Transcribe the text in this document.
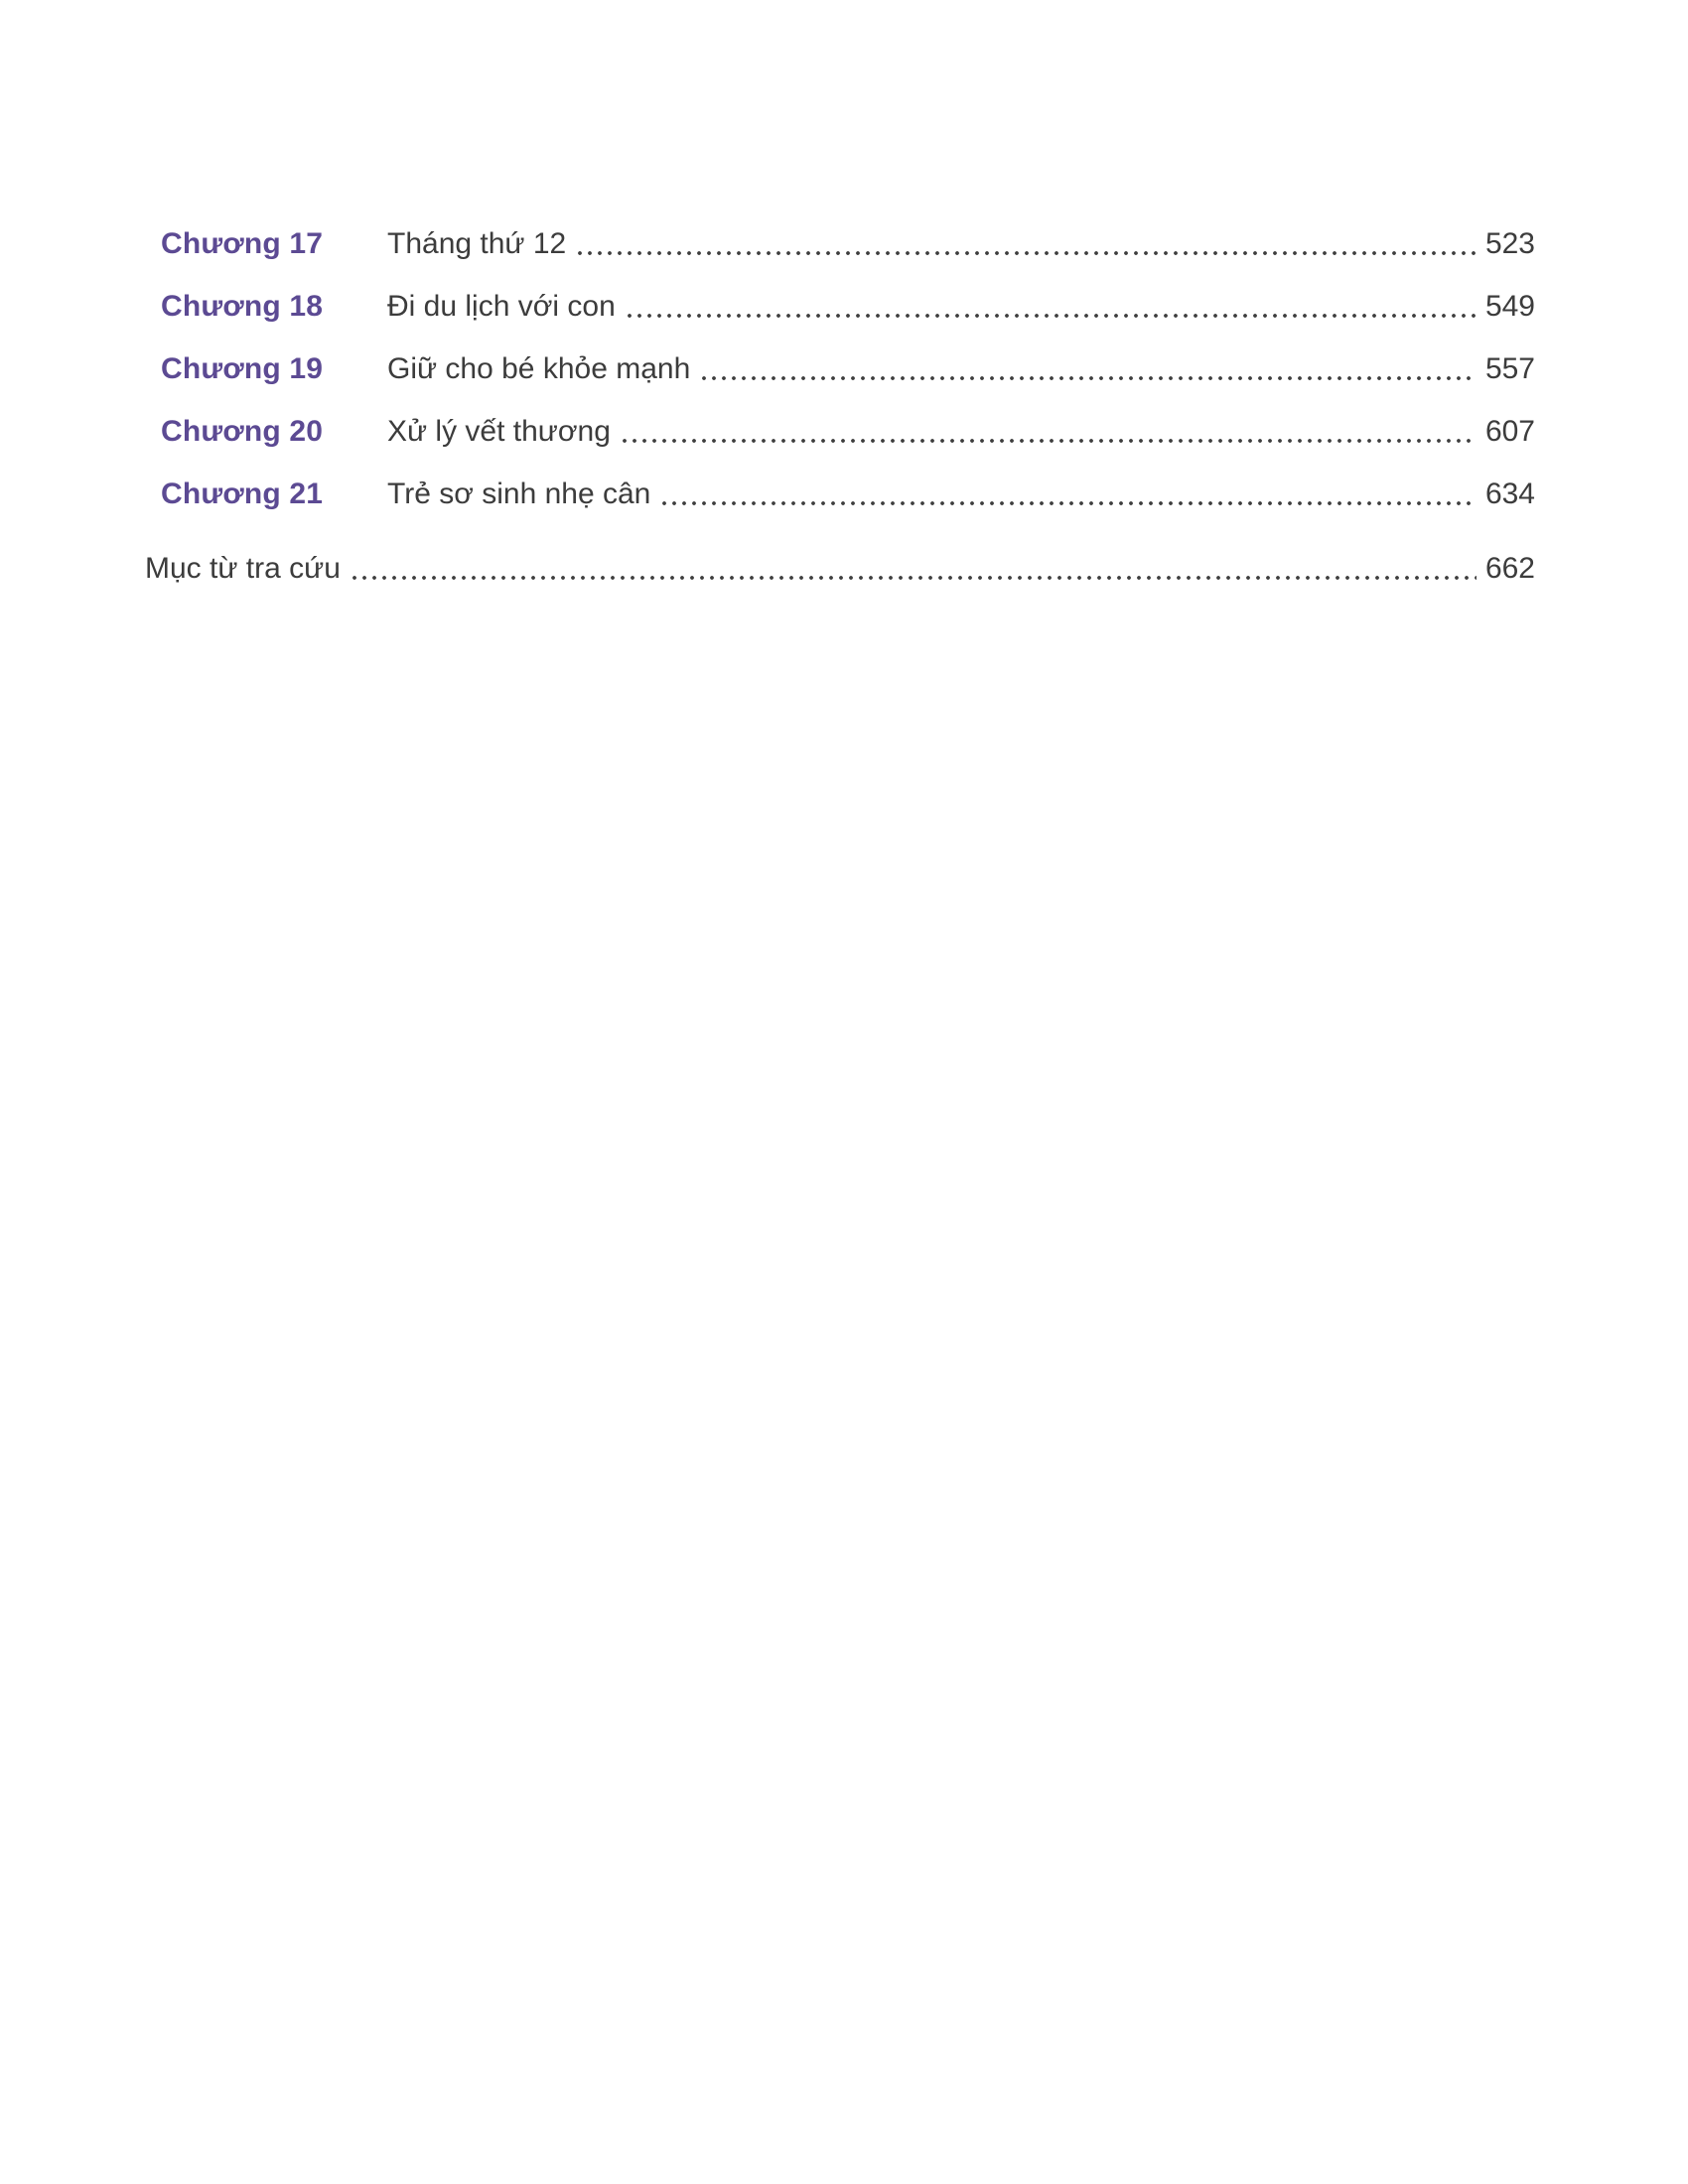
Chương 17	Tháng thứ 12	523
Chương 18	Đi du lịch với con	549
Chương 19	Giữ cho bé khỏe mạnh	557
Chương 20	Xử lý vết thương	607
Chương 21	Trẻ sơ sinh nhẹ cân	634
Mục từ tra cứu	662
